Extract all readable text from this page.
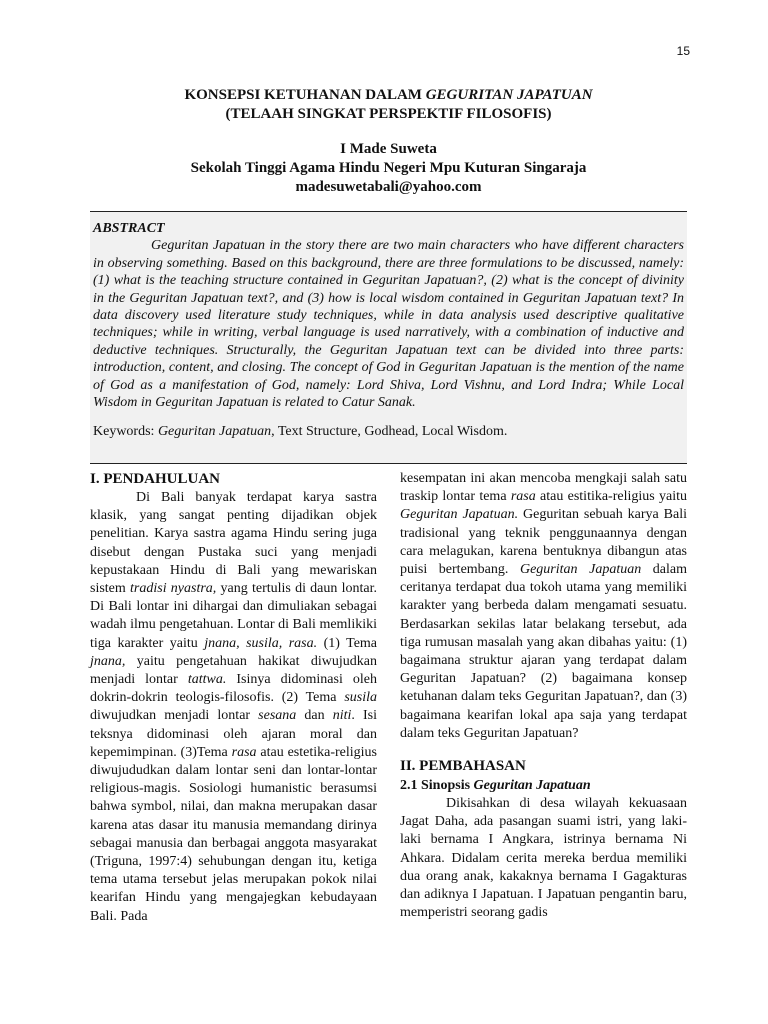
15
KONSEPSI KETUHANAN DALAM GEGURITAN JAPATUAN
(TELAAH SINGKAT PERSPEKTIF FILOSOFIS)
I Made Suweta
Sekolah Tinggi Agama Hindu Negeri Mpu Kuturan Singaraja
madesuwetabali@yahoo.com
ABSTRACT

Geguritan Japatuan in the story there are two main characters who have different characters in observing something. Based on this background, there are three formulations to be discussed, namely: (1) what is the teaching structure contained in Geguritan Japatuan?, (2) what is the concept of divinity in the Geguritan Japatuan text?, and (3) how is local wisdom contained in Geguritan Japatuan text? In data discovery used literature study techniques, while in data analysis used descriptive qualitative techniques; while in writing, verbal language is used narratively, with a combination of inductive and deductive techniques. Structurally, the Geguritan Japatuan text can be divided into three parts: introduction, content, and closing. The concept of God in Geguritan Japatuan is the mention of the name of God as a manifestation of God, namely: Lord Shiva, Lord Vishnu, and Lord Indra; While Local Wisdom in Geguritan Japatuan is related to Catur Sanak.

Keywords: Geguritan Japatuan, Text Structure, Godhead, Local Wisdom.

I. PENDAHULUAN

Di Bali banyak terdapat karya sastra klasik, yang sangat penting dijadikan objek penelitian. Karya sastra agama Hindu sering juga disebut dengan Pustaka suci yang menjadi kepustakaan Hindu di Bali yang mewariskan sistem tradisi nyastra, yang tertulis di daun lontar. Di Bali lontar ini dihargai dan dimuliakan sebagai wadah ilmu pengetahuan. Lontar di Bali memlikiki tiga karakter yaitu jnana, susila, rasa. (1) Tema jnana, yaitu pengetahuan hakikat diwujudkan menjadi lontar tattwa. Isinya didominasi oleh dokrin-dokrin teologis-filosofis. (2) Tema susila diwujudkan menjadi lontar sesana dan niti. Isi teksnya didominasi oleh ajaran moral dan kepemimpinan. (3)Tema rasa atau estetika-religius diwujududkan dalam lontar seni dan lontar-lontar religious-magis. Sosiologi humanistic berasumsi bahwa symbol, nilai, dan makna merupakan dasar karena atas dasar itu manusia memandang dirinya sebagai manusia dan berbagai anggota masyarakat (Triguna, 1997:4) sehubungan dengan itu, ketiga tema utama tersebut jelas merupakan pokok nilai kearifan Hindu yang mengajegkan kebudayaan Bali. Pada

kesempatan ini akan mencoba mengkaji salah satu traskip lontar tema rasa atau estitika-religius yaitu Geguritan Japatuan. Geguritan sebuah karya Bali tradisional yang teknik penggunaannya dengan cara melagukan, karena bentuknya dibangun atas puisi bertembang. Geguritan Japatuan dalam ceritanya terdapat dua tokoh utama yang memiliki karakter yang berbeda dalam mengamati sesuatu. Berdasarkan sekilas latar belakang tersebut, ada tiga rumusan masalah yang akan dibahas yaitu: (1) bagaimana struktur ajaran yang terdapat dalam Geguritan Japatuan? (2) bagaimana konsep ketuhanan dalam teks Geguritan Japatuan?, dan (3) bagaimana kearifan lokal apa saja yang terdapat dalam teks Geguritan Japatuan?

II. PEMBAHASAN

2.1 Sinopsis Geguritan Japatuan

Dikisahkan di desa wilayah kekuasaan Jagat Daha, ada pasangan suami istri, yang laki-laki bernama I Angkara, istrinya bernama Ni Ahkara. Didalam cerita mereka berdua memiliki dua orang anak, kakaknya bernama I Gagakturas dan adiknya I Japatuan. I Japatuan pengantin baru, memperistri seorang gadis
